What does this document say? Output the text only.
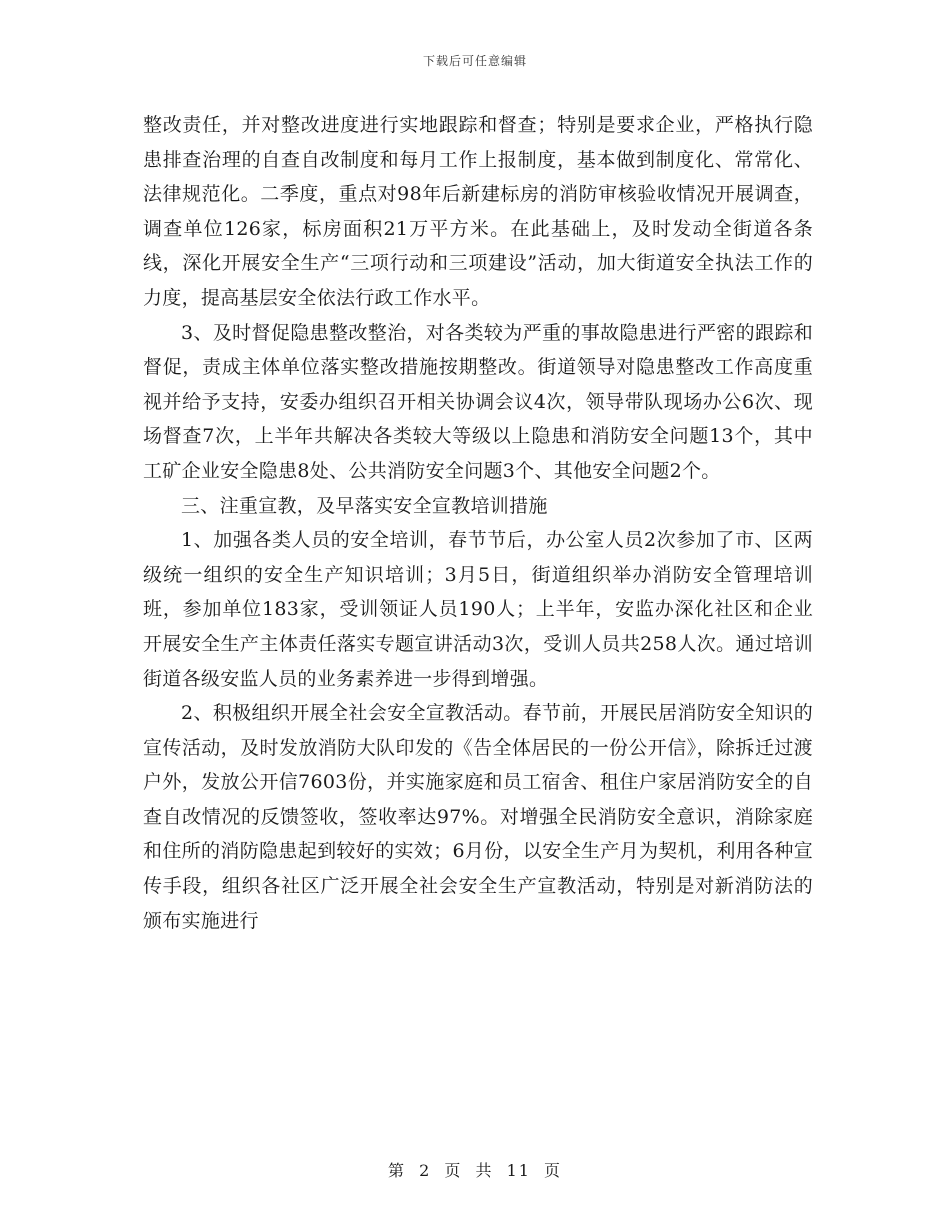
下载后可任意编辑

整改责任，并对整改进度进行实地跟踪和督查；特别是要求企业，严格执行隐患排查治理的自查自改制度和每月工作上报制度，基本做到制度化、常常化、法律规范化。二季度，重点对98年后新建标房的消防审核验收情况开展调查，调查单位126家，标房面积21万平方米。在此基础上，及时发动全街道各条线，深化开展安全生产“三项行动和三项建设”活动，加大街道安全执法工作的力度，提高基层安全依法行政工作水平。

3、及时督促隐患整改整治，对各类较为严重的事故隐患进行严密的跟踪和督促，责成主体单位落实整改措施按期整改。街道领导对隐患整改工作高度重视并给予支持，安委办组织召开相关协调会议4次，领导带队现场办公6次、现场督查7次，上半年共解决各类较大等级以上隐患和消防安全问题13个，其中工矿企业安全隐患8处、公共消防安全问题3个、其他安全问题2个。

三、注重宣教，及早落实安全宣教培训措施

1、加强各类人员的安全培训，春节节后，办公室人员2次参加了市、区两级统一组织的安全生产知识培训；3月5日，街道组织举办消防安全管理培训班，参加单位183家，受训领证人员190人；上半年，安监办深化社区和企业开展安全生产主体责任落实专题宣讲活动3次，受训人员共258人次。通过培训街道各级安监人员的业务素养进一步得到增强。

2、积极组织开展全社会安全宣教活动。春节前，开展民居消防安全知识的宣传活动，及时发放消防大队印发的《告全体居民的一份公开信》，除拆迁过渡户外，发放公开信7603份，并实施家庭和员工宿舍、租住户家居消防安全的自查自改情况的反馈签收，签收率达97%。对增强全民消防安全意识，消除家庭和住所的消防隐患起到较好的实效；6月份，以安全生产月为契机，利用各种宣传手段，组织各社区广泛开展全社会安全生产宣教活动，特别是对新消防法的颁布实施进行

第 2 页 共 11 页
